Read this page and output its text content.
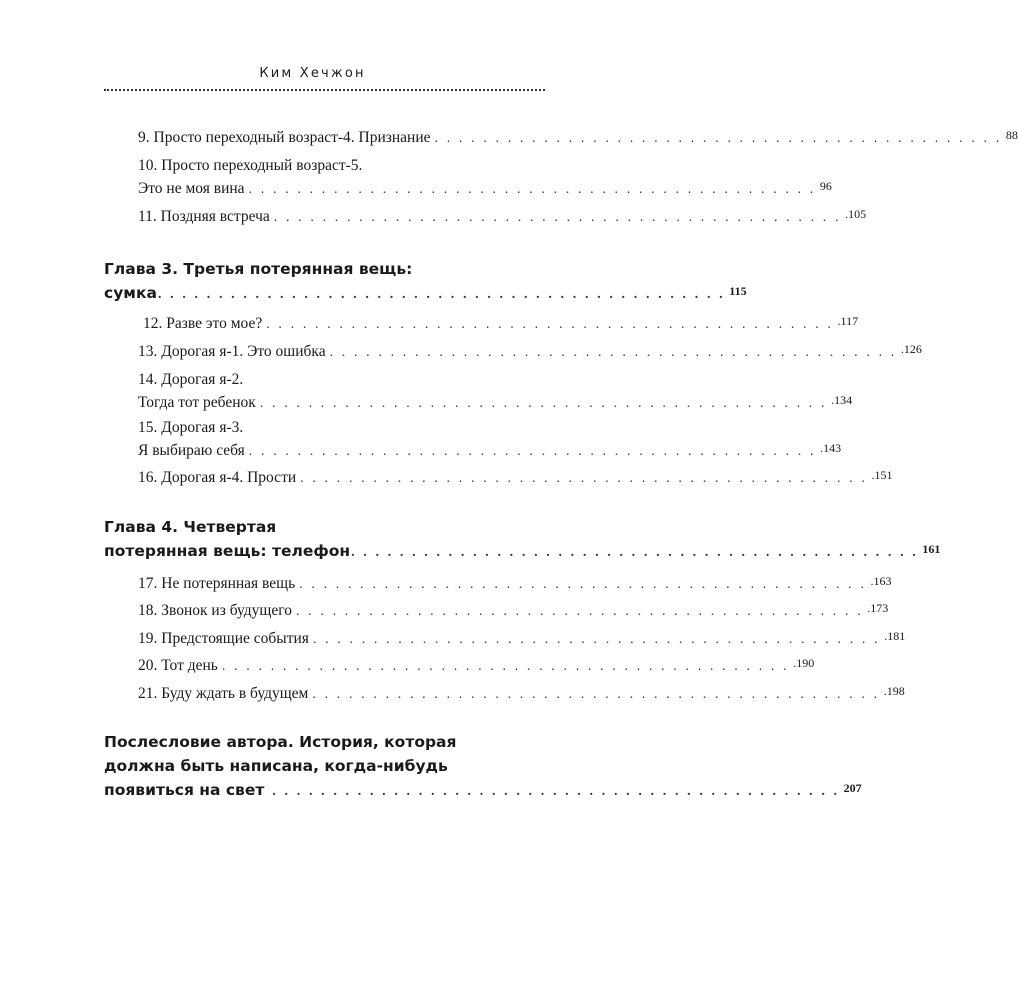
Ким Хечжон
9. Просто переходный возраст-4. Признание . . . . . . . . . . . . . . . . . . . . . . . . . . . . . . . . . . . . . . . . . . . . . . . 88
10. Просто переходный возраст-5.
Это не моя вина . . . . . . . . . . . . . . . . . . . . . . . . . . . . . . . . . . . . . . . . . . . . . . . 96
11. Поздняя встреча . . . . . . . . . . . . . . . . . . . . . . . . . . . . . . . . . . . . . . . . . . . . . . . .105
Глава 3. Третья потерянная вещь:
сумка . . . . . . . . . . . . . . . . . . . . . . . . . . . . . . . . . . . . . . . . . . . . . . . 115
12. Разве это мое? . . . . . . . . . . . . . . . . . . . . . . . . . . . . . . . . . . . . . . . . . . . . . . . .117
13. Дорогая я-1. Это ошибка . . . . . . . . . . . . . . . . . . . . . . . . . . . . . . . . . . . . . . . . . . . . . . . .126
14. Дорогая я-2.
Тогда тот ребенок . . . . . . . . . . . . . . . . . . . . . . . . . . . . . . . . . . . . . . . . . . . . . . . .134
15. Дорогая я-3.
Я выбираю себя . . . . . . . . . . . . . . . . . . . . . . . . . . . . . . . . . . . . . . . . . . . . . . . .143
16. Дорогая я-4. Прости . . . . . . . . . . . . . . . . . . . . . . . . . . . . . . . . . . . . . . . . . . . . . . . .151
Глава 4. Четвертая
потерянная вещь: телефон . . . . . . . . . . . . . . . . . . . . . . . . . . . . . . . . . . . . . . . . . . . . . . . 161
17. Не потерянная вещь . . . . . . . . . . . . . . . . . . . . . . . . . . . . . . . . . . . . . . . . . . . . . . . .163
18. Звонок из будущего . . . . . . . . . . . . . . . . . . . . . . . . . . . . . . . . . . . . . . . . . . . . . . . .173
19. Предстоящие события . . . . . . . . . . . . . . . . . . . . . . . . . . . . . . . . . . . . . . . . . . . . . . . .181
20. Тот день . . . . . . . . . . . . . . . . . . . . . . . . . . . . . . . . . . . . . . . . . . . . . . . .190
21. Буду ждать в будущем . . . . . . . . . . . . . . . . . . . . . . . . . . . . . . . . . . . . . . . . . . . . . . . .198
Послесловие автора. История, которая
должна быть написана, когда-нибудь
появиться на свет . . . . . . . . . . . . . . . . . . . . . . . . . . . . . . . . . . . . . . . . . . . . . . . 207
